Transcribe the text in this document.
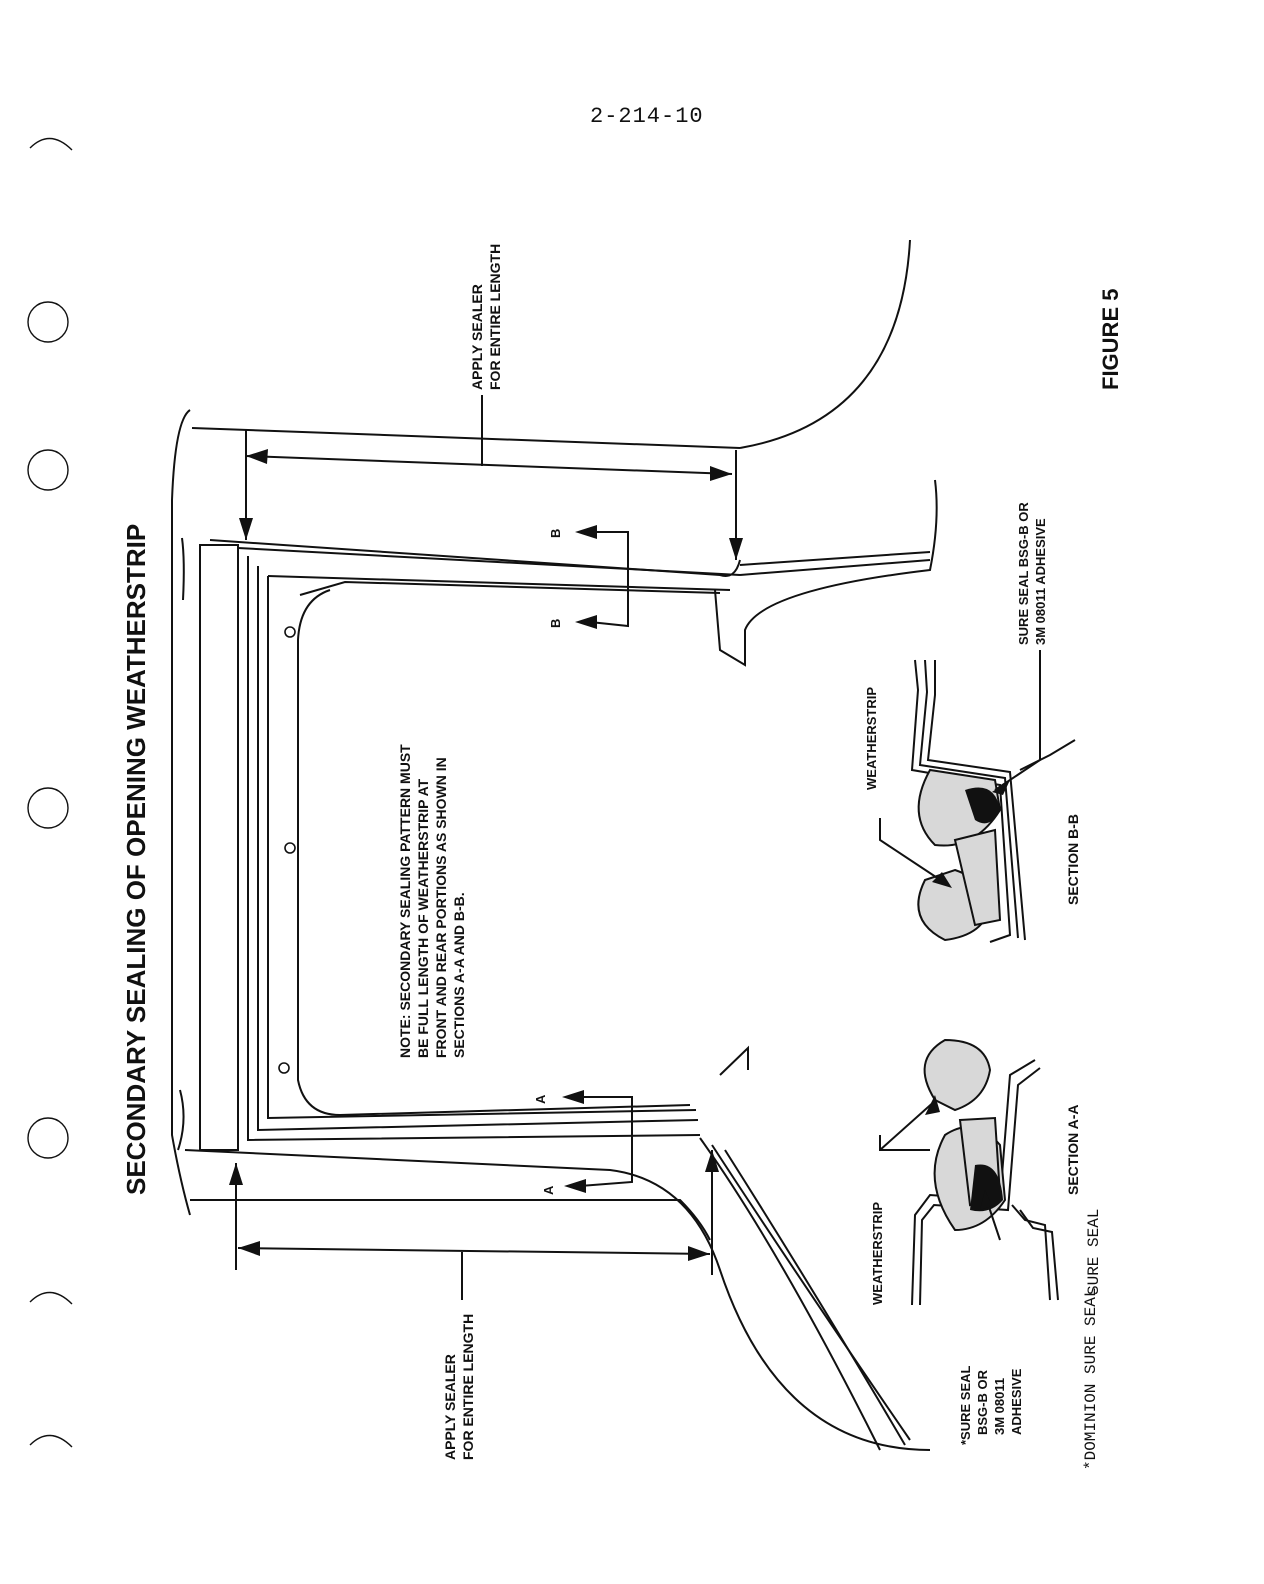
2-214-10
SECONDARY SEALING OF OPENING WEATHERSTRIP
FIGURE 5
B
B
A
A
APPLY SEALER FOR ENTIRE LENGTH
APPLY SEALER FOR ENTIRE LENGTH
NOTE: SECONDARY SEALING PATTERN MUST BE FULL LENGTH OF WEATHERSTRIP AT FRONT AND REAR PORTIONS AS SHOWN IN SECTIONS A-A AND B-B.
WEATHERSTRIP
SECTION A-A
*SURE SEAL BSG-B OR 3M 08011 ADHESIVE
WEATHERSTRIP
SECTION B-B
SURE SEAL BSG-B OR 3M 08011 ADHESIVE
*DOMINION SURE SEAL
SURE SEAL
